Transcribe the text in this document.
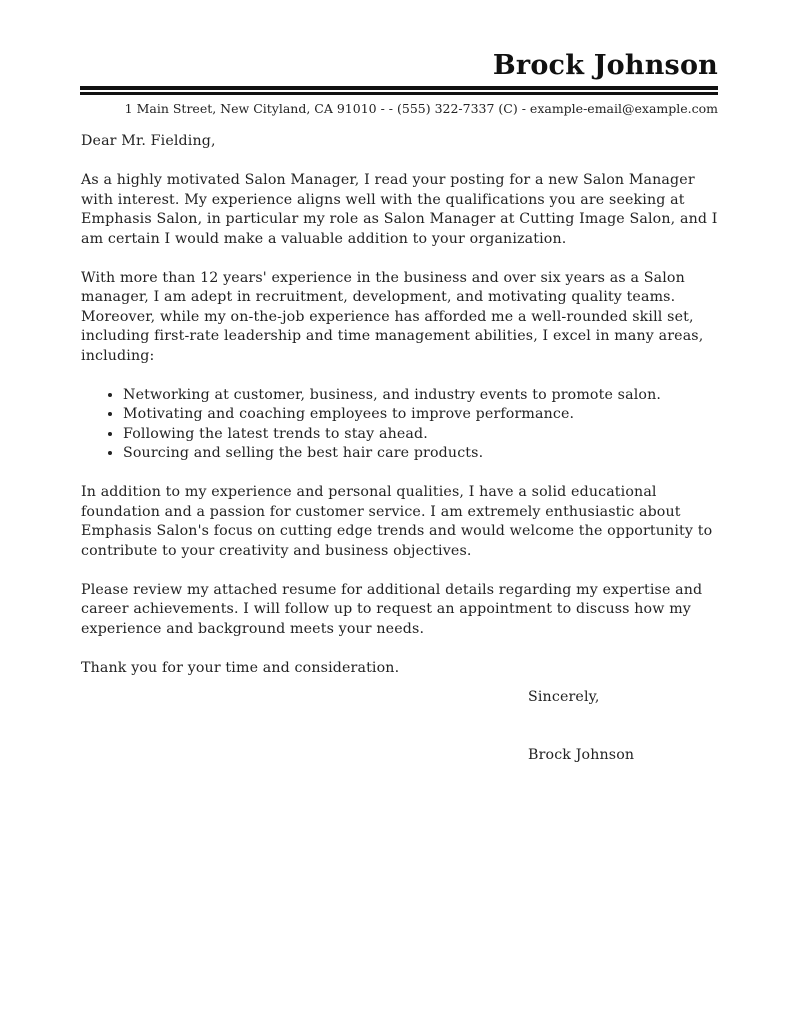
Brock Johnson
1 Main Street, New Cityland, CA 91010 - - (555) 322-7337 (C) - example-email@example.com

Dear Mr. Fielding,

As a highly motivated Salon Manager, I read your posting for a new Salon Manager with interest. My experience aligns well with the qualifications you are seeking at Emphasis Salon, in particular my role as Salon Manager at Cutting Image Salon, and I am certain I would make a valuable addition to your organization.

With more than 12 years' experience in the business and over six years as a Salon manager, I am adept in recruitment, development, and motivating quality teams. Moreover, while my on-the-job experience has afforded me a well-rounded skill set, including first-rate leadership and time management abilities, I excel in many areas, including:

• Networking at customer, business, and industry events to promote salon.
• Motivating and coaching employees to improve performance.
• Following the latest trends to stay ahead.
• Sourcing and selling the best hair care products.

In addition to my experience and personal qualities, I have a solid educational foundation and a passion for customer service. I am extremely enthusiastic about Emphasis Salon's focus on cutting edge trends and would welcome the opportunity to contribute to your creativity and business objectives.

Please review my attached resume for additional details regarding my expertise and career achievements. I will follow up to request an appointment to discuss how my experience and background meets your needs.

Thank you for your time and consideration.

Sincerely,
Brock Johnson
